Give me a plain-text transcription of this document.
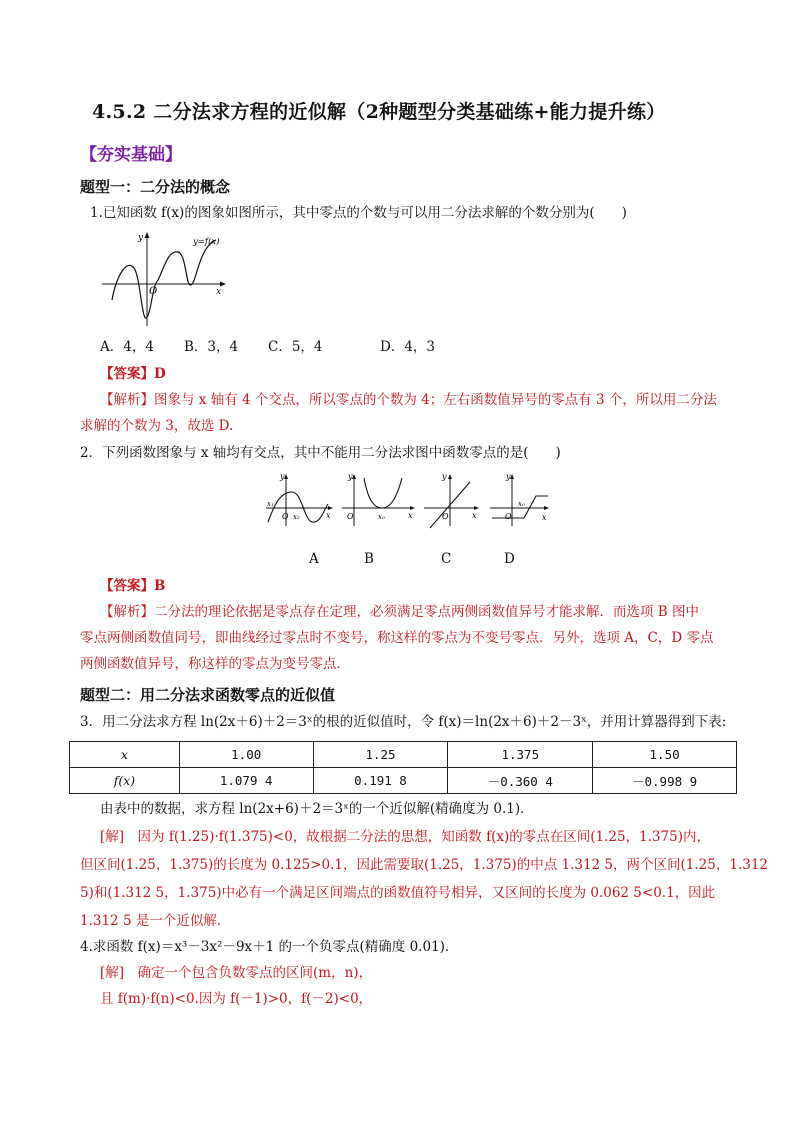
4.5.2 二分法求方程的近似解（2种题型分类基础练+能力提升练）
【夯实基础】
题型一：二分法的概念
1.已知函数 f(x)的图象如图所示，其中零点的个数与可以用二分法求解的个数分别为(　　)
y
x
O
y=f(x)
A．4，4 B．3，4 C．5，4	D．4，3
【答案】D
【解析】图象与 x 轴有 4 个交点，所以零点的个数为 4；左右函数值异号的零点有 3 个，所以用二分法
求解的个数为 3，故选 D.
2．下列函数图象与 x 轴均有交点，其中不能用二分法求图中函数零点的是(　　)
y
x
O
x₁
x₂
y
x
O	x₀
y
x
O
y
x
O
x₀
A	B	C	D
【答案】B
【解析】二分法的理论依据是零点存在定理，必须满足零点两侧函数值异号才能求解．而选项 B 图中
零点两侧函数值同号，即曲线经过零点时不变号，称这样的零点为不变号零点．另外，选项 A，C，D 零点
两侧函数值异号，称这样的零点为变号零点．
题型二：用二分法求函数零点的近似值
3．用二分法求方程 ln(2x＋6)＋2＝3ˣ的根的近似值时，令 f(x)＝ln(2x＋6)＋2－3ˣ，并用计算器得到下表:
x	1.00	1.25	1.375	1.50
f(x)	1.079 4	0.191 8	－0.360 4	－0.998 9
由表中的数据，求方程 ln(2x+6)＋2＝3ˣ的一个近似解(精确度为 0.1)．
[解]　因为 f(1.25)·f(1.375)<0，故根据二分法的思想，知函数 f(x)的零点在区间(1.25，1.375)内，
但区间(1.25，1.375)的长度为 0.125>0.1，因此需要取(1.25，1.375)的中点 1.312 5，两个区间(1.25，1.312
5)和(1.312 5，1.375)中必有一个满足区间端点的函数值符号相异，又区间的长度为 0.062 5<0.1，因此
1.312 5 是一个近似解．
4.求函数 f(x)＝x³－3x²－9x＋1 的一个负零点(精确度 0.01)．
[解]　确定一个包含负数零点的区间(m，n)，
且 f(m)·f(n)<0.因为 f(－1)>0，f(－2)<0，
